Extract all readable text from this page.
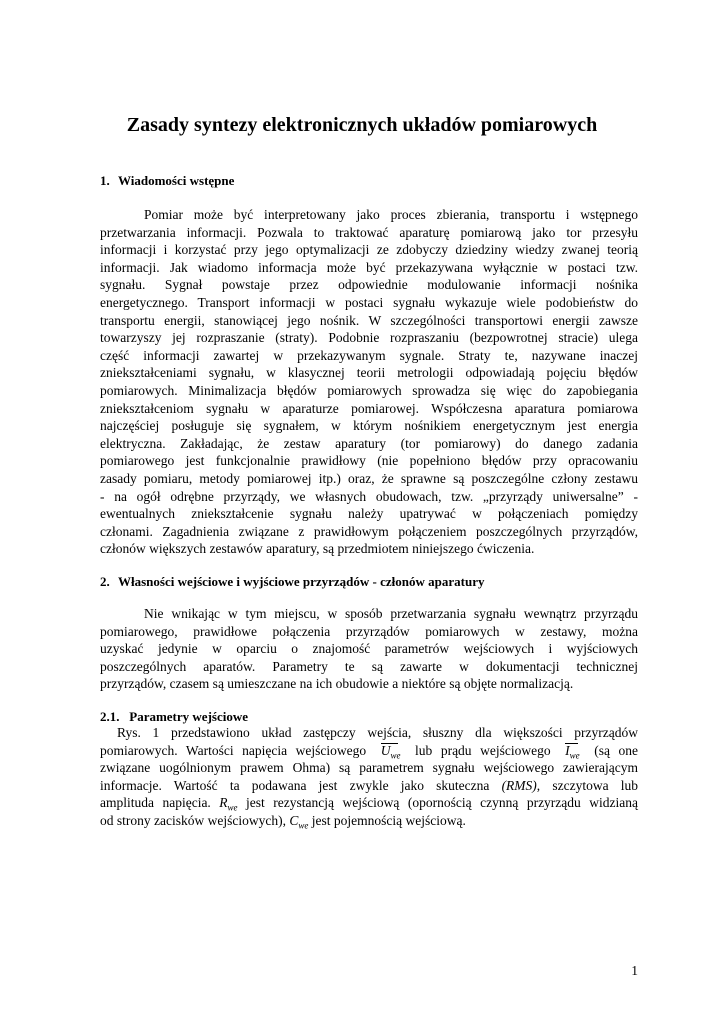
Zasady syntezy elektronicznych układów pomiarowych
1. Wiadomości wstępne
Pomiar może być interpretowany jako proces zbierania, transportu i wstępnego
przetwarzania informacji. Pozwala to traktować aparaturę pomiarową jako tor przesyłu
informacji i korzystać przy jego optymalizacji ze zdobyczy dziedziny wiedzy zwanej teorią
informacji. Jak wiadomo informacja może być przekazywana wyłącznie w postaci tzw.
sygnału. Sygnał powstaje przez odpowiednie modulowanie informacji nośnika
energetycznego. Transport informacji w postaci sygnału wykazuje wiele podobieństw do
transportu energii, stanowiącej jego nośnik. W szczególności transportowi energii zawsze
towarzyszy jej rozpraszanie (straty). Podobnie rozpraszaniu (bezpowrotnej stracie) ulega
część informacji zawartej w przekazywanym sygnale. Straty te, nazywane inaczej
zniekształceniami sygnału, w klasycznej teorii metrologii odpowiadają pojęciu błędów
pomiarowych. Minimalizacja błędów pomiarowych sprowadza się więc do zapobiegania
zniekształceniom sygnału w aparaturze pomiarowej. Współczesna aparatura pomiarowa
najczęściej posługuje się sygnałem, w którym nośnikiem energetycznym jest energia
elektryczna. Zakładając, że zestaw aparatury (tor pomiarowy) do danego zadania
pomiarowego jest funkcjonalnie prawidłowy (nie popełniono błędów przy opracowaniu
zasady pomiaru, metody pomiarowej itp.) oraz, że sprawne są poszczególne człony zestawu
- na ogół odrębne przyrządy, we własnych obudowach, tzw. „przyrządy uniwersalne” -
ewentualnych zniekształcenie sygnału należy upatrywać w połączeniach pomiędzy
członami. Zagadnienia związane z prawidłowym połączeniem poszczególnych przyrządów,
członów większych zestawów aparatury, są przedmiotem niniejszego ćwiczenia.
2. Własności wejściowe i wyjściowe przyrządów - członów aparatury
Nie wnikając w tym miejscu, w sposób przetwarzania sygnału wewnątrz przyrządu
pomiarowego, prawidłowe połączenia przyrządów pomiarowych w zestawy, można
uzyskać jedynie w oparciu o znajomość parametrów wejściowych i wyjściowych
poszczególnych aparatów. Parametry te są zawarte w dokumentacji technicznej
przyrządów, czasem są umieszczane na ich obudowie a niektóre są objęte normalizacją.
2.1. Parametry wejściowe
Rys. 1 przedstawiono układ zastępczy wejścia, słuszny dla większości przyrządów
pomiarowych. Wartości napięcia wejściowego $U_{we}$ lub prądu wejściowego $I_{we}$ (są one
związane uogólnionym prawem Ohma) są parametrem sygnału wejściowego zawierającym
informacje. Wartość ta podawana jest zwykle jako skuteczna (RMS), szczytowa lub
amplituda napięcia. $R_{we}$ jest rezystancją wejściową (opornością czynną przyrządu widzianą
od strony zacisków wejściowych), $C_{we}$ jest pojemnością wejściową.
1
